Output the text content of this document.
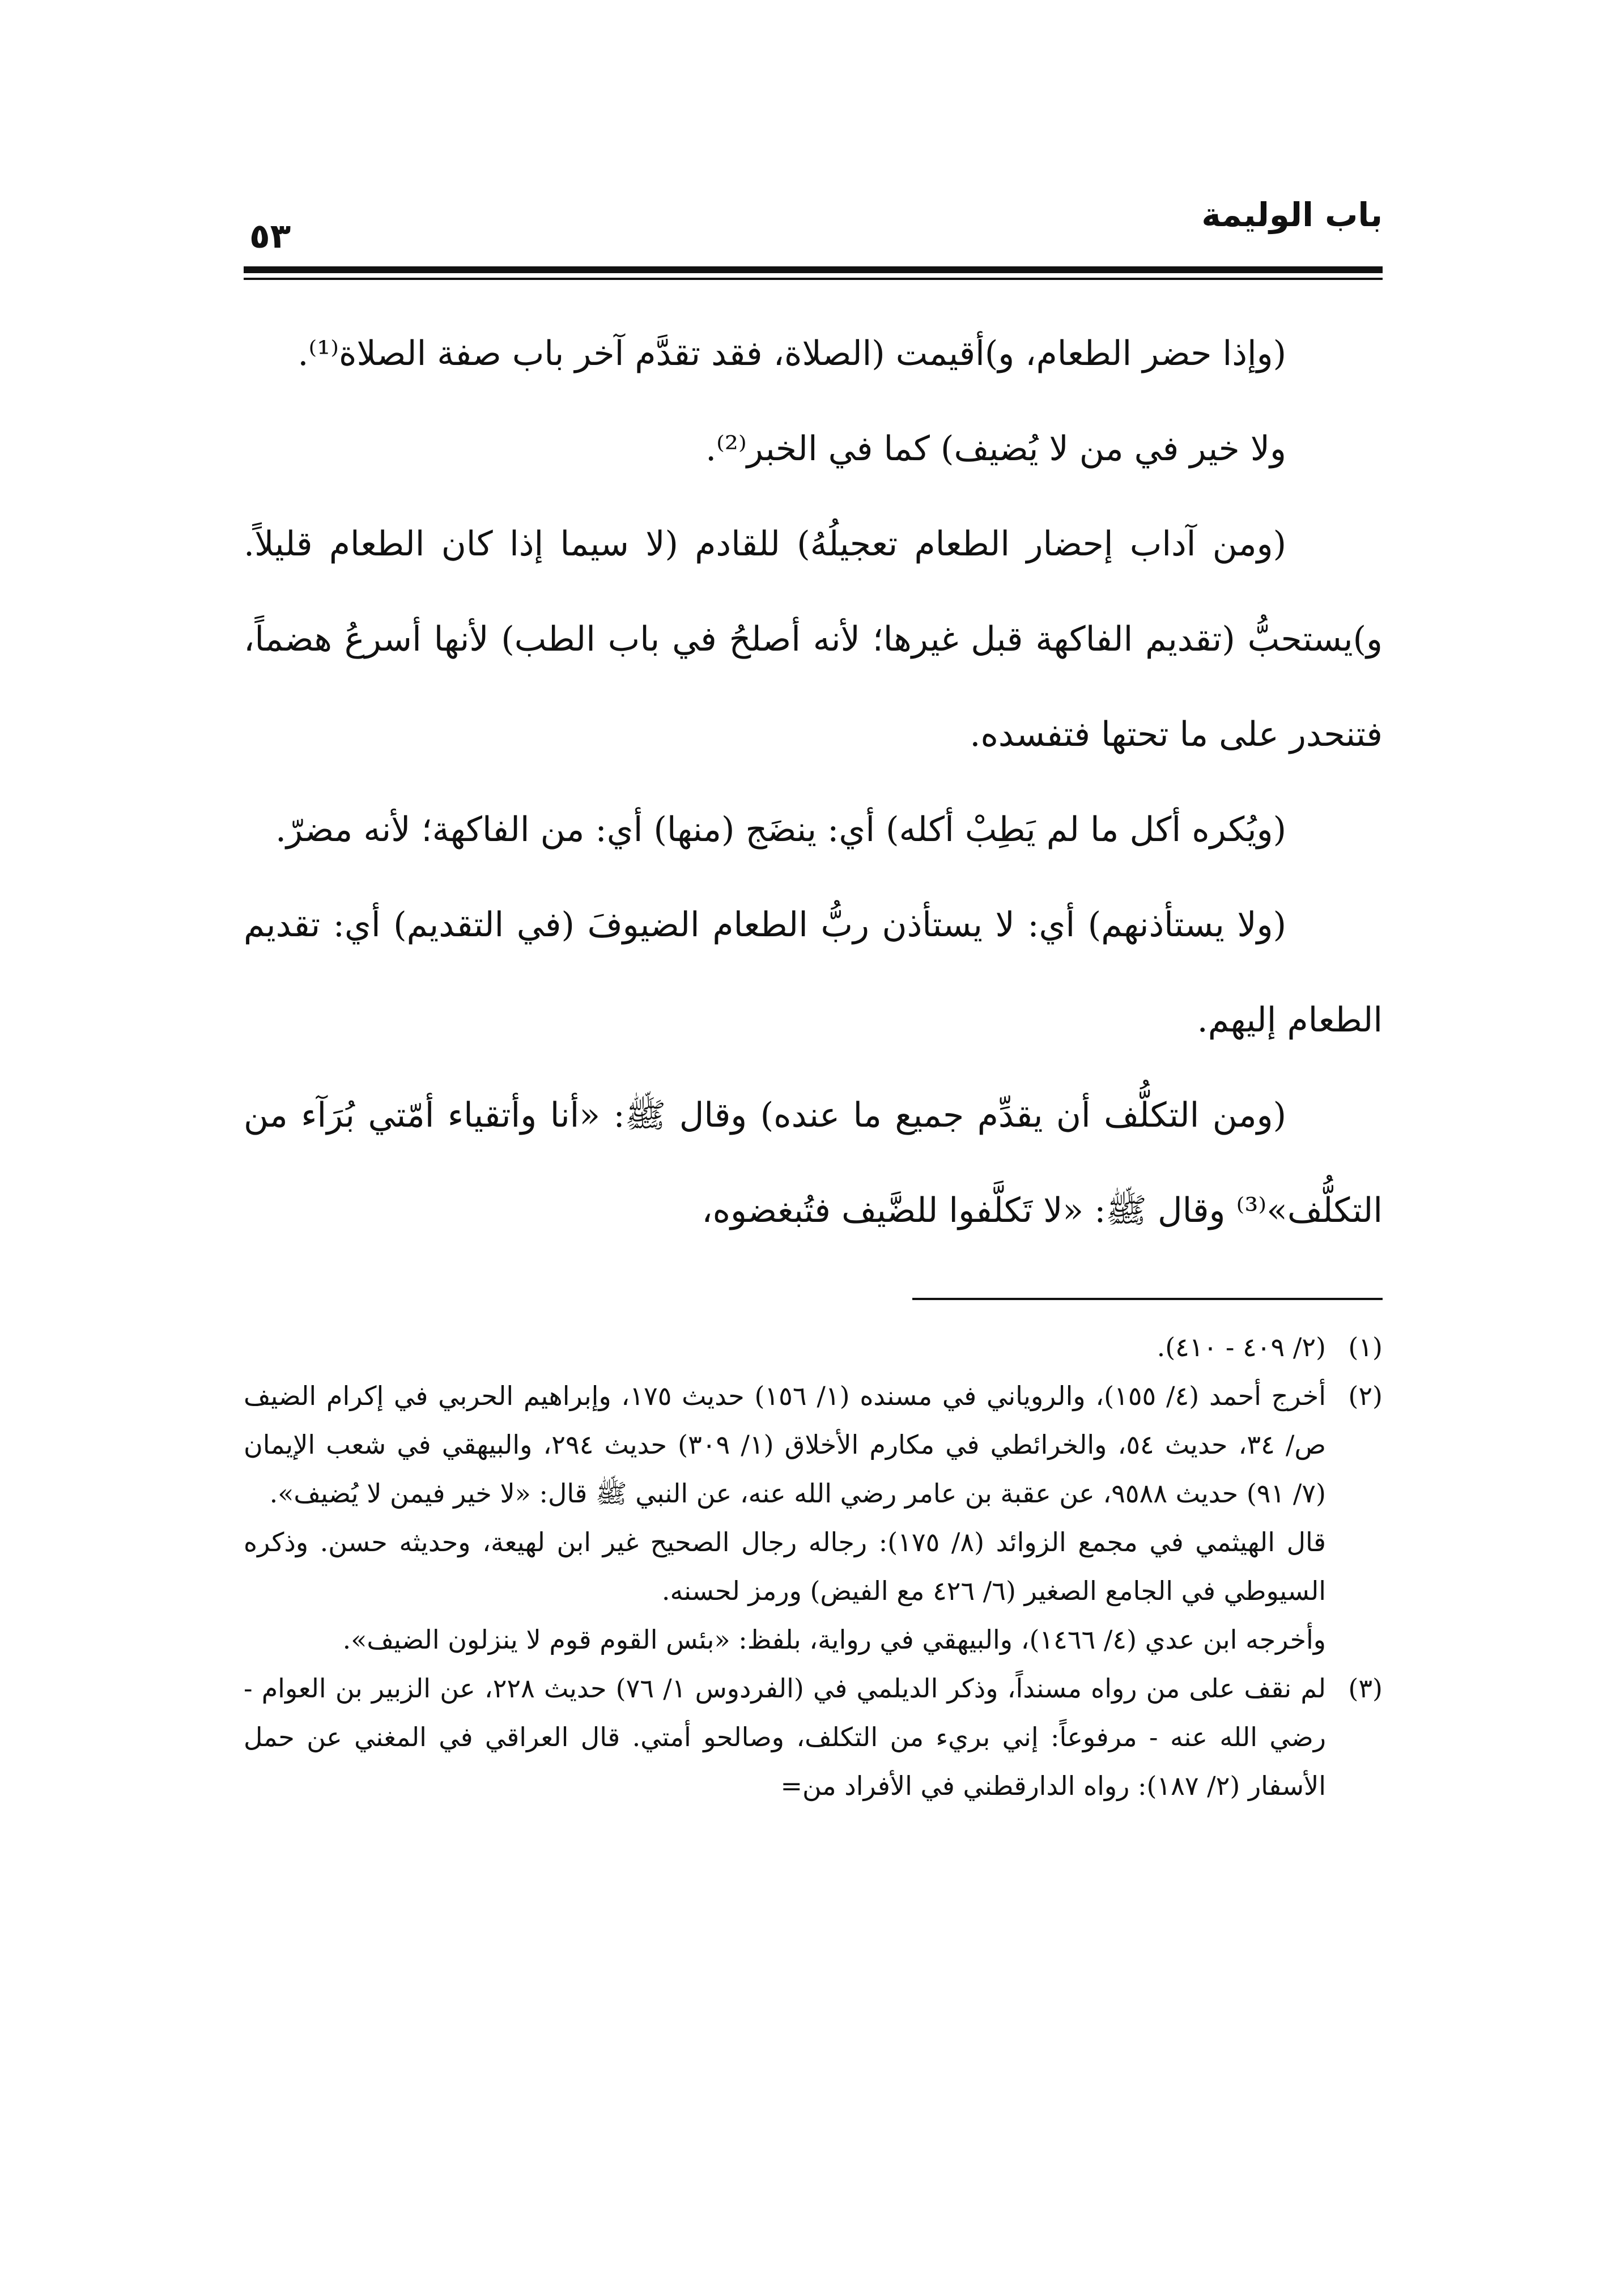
باب الوليمة
٥٣

(وإذا حضر الطعام، و)أقيمت (الصلاة، فقد تقدَّم آخر باب صفة الصلاة⁽¹⁾.

ولا خير في من لا يُضيف) كما في الخبر⁽²⁾.

(ومن آداب إحضار الطعام تعجيلُهُ) للقادم (لا سيما إذا كان الطعام قليلاً. و)يستحبُّ (تقديم الفاكهة قبل غيرها؛ لأنه أصلحُ في باب الطب) لأنها أسرعُ هضماً، فتنحدر على ما تحتها فتفسده.

(ويُكره أكل ما لم يَطِبْ أكله) أي: ينضَج (منها) أي: من الفاكهة؛ لأنه مضرّ.

(ولا يستأذنهم) أي: لا يستأذن ربُّ الطعام الضيوفَ (في التقديم) أي: تقديم الطعام إليهم.

(ومن التكلُّف أن يقدِّم جميع ما عنده) وقال ﷺ: «أنا وأتقياء أمّتي بُرَآء من التكلُّف»⁽³⁾ وقال ﷺ: «لا تَكلَّفوا للضَّيف فتُبغضوه،

(١)

(٢/ ٤٠٩ - ٤١٠).

(٢)

أخرج أحمد (٤/ ١٥٥)، والروياني في مسنده (١/ ١٥٦) حديث ١٧٥، وإبراهيم الحربي في إكرام الضيف ص/ ٣٤، حديث ٥٤، والخرائطي في مكارم الأخلاق (١/ ٣٠٩) حديث ٢٩٤، والبيهقي في شعب الإيمان (٧/ ٩١) حديث ٩٥٨٨، عن عقبة بن عامر رضي الله عنه، عن النبي ﷺ قال: «لا خير فيمن لا يُضيف».

قال الهيثمي في مجمع الزوائد (٨/ ١٧٥): رجاله رجال الصحيح غير ابن لهيعة، وحديثه حسن. وذكره السيوطي في الجامع الصغير (٦/ ٤٢٦ مع الفيض) ورمز لحسنه.

وأخرجه ابن عدي (٤/ ١٤٦٦)، والبيهقي في رواية، بلفظ: «بئس القوم قوم لا ينزلون الضيف».

(٣)

لم نقف على من رواه مسنداً، وذكر الديلمي في (الفردوس ١/ ٧٦) حديث ٢٢٨، عن الزبير بن العوام - رضي الله عنه - مرفوعاً: إني بريء من التكلف، وصالحو أمتي. قال العراقي في المغني عن حمل الأسفار (٢/ ١٨٧): رواه الدارقطني في الأفراد من=
